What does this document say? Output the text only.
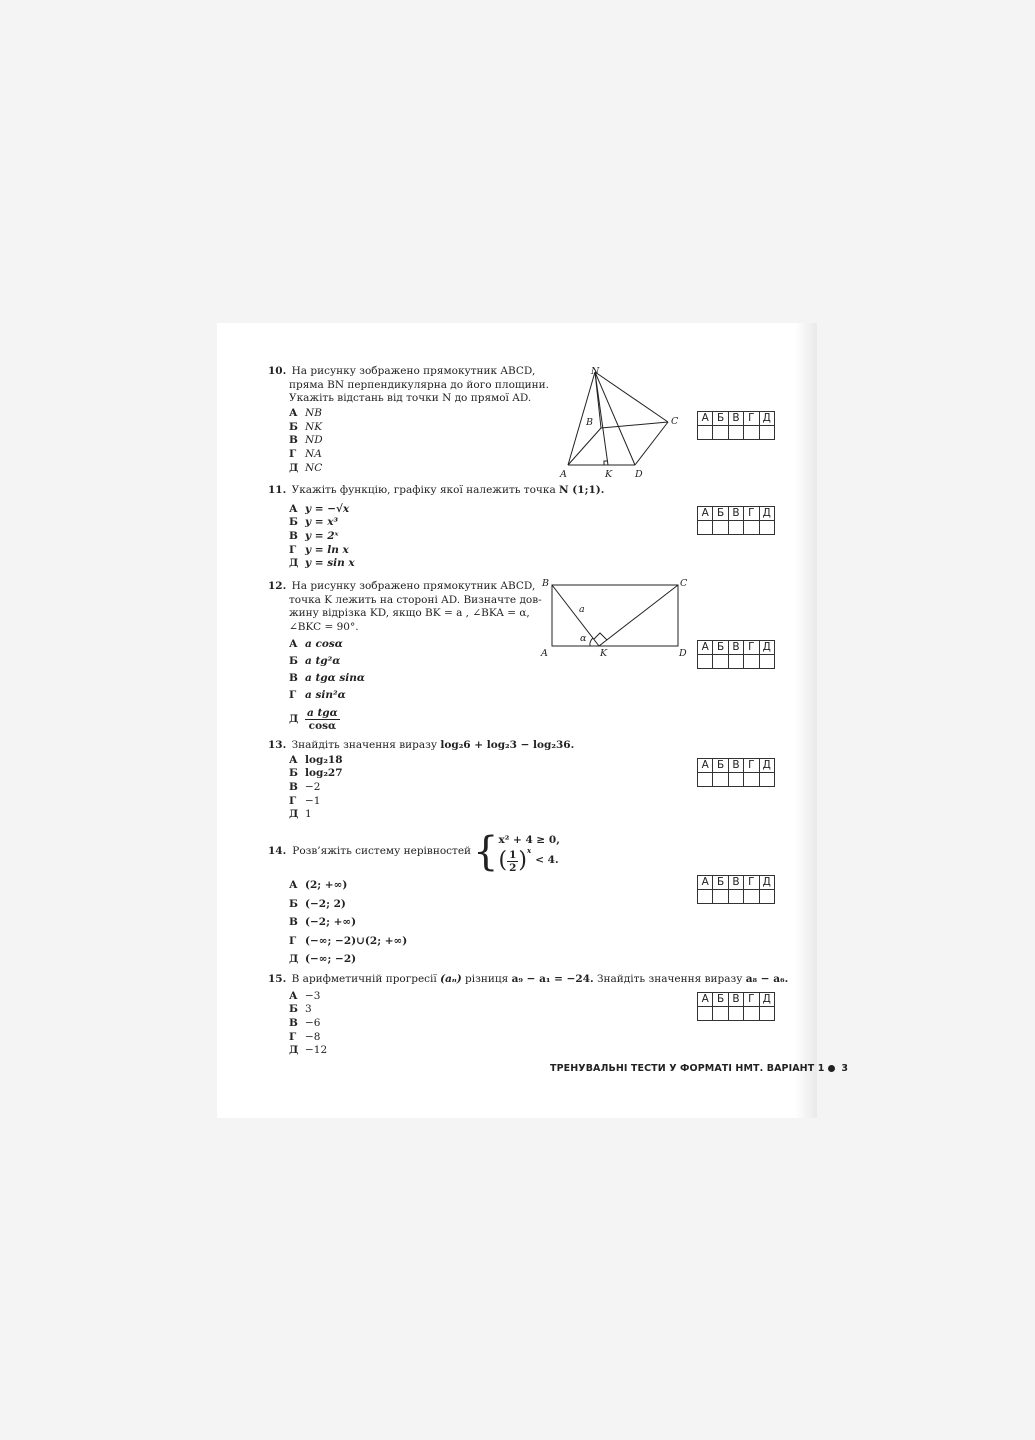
10. На рисунку зображено прямокутник ABCD,
пряма BN перпендикулярна до його площини.
Укажіть відстань від точки N до прямої AD.
А NB
Б NK
В ND
Г NA
Д NC
N
B	C
A	K D
А	Б	В	Г	Д

11. Укажіть функцію, графіку якої належить точка N (1;1).
А y = −√x
Б y = x³
В y = 2ˣ
Г y = ln x
Д y = sin x
А	Б	В	Г	Д

12. На рисунку зображено прямокутник ABCD,
точка K лежить на стороні AD. Визначте дов-
жину відрізка KD, якщо BK = a , ∠BKA = α,
∠BKC = 90°.
А a cosα
Б a tg²α
В a tgα sinα
Г a sin²α
Д $\frac{\text{a tgα}}{\cos\alpha}$
B	C
A	K	D
a
α
А	Б	В	Г	Д

13. Знайдіть значення виразу log₂6 + log₂3 − log₂36.
А log₂18
Б log₂27
В −2
Г −1
Д 1
А	Б	В	Г	Д

14. Розв’яжіть систему нерівностей { x² + 4 ≥ 0,
( $\frac{1}{2}$ ) x
< 4.
А (2; +∞)
Б (−2; 2)
В (−2; +∞)
Г (−∞; −2)∪(2; +∞)
Д (−∞; −2)
А	Б	В	Г	Д

15. В арифметичній прогресії (aₙ) різниця a₉ − a₁ = −24. Знайдіть значення виразу a₈ − a₆.
А −3
Б 3
В −6
Г −8
Д −12
А	Б	В	Г	Д

ТРЕНУВАЛЬНІ ТЕСТИ У ФОРМАТІ НМТ. ВАРІАНТ 1 3
